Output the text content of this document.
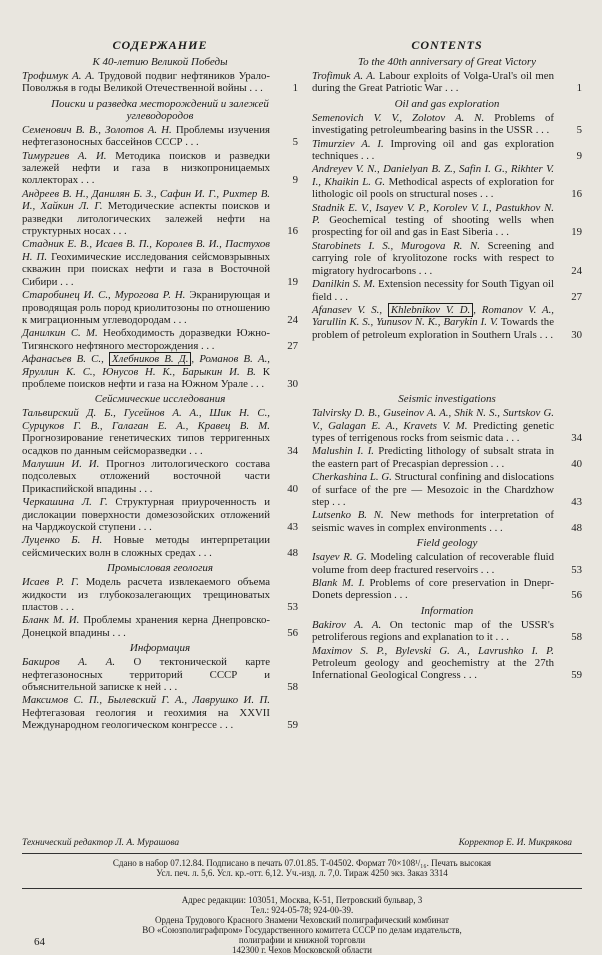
СОДЕРЖАНИЕ
К 40-летию Великой Победы
Трофимук А. А. Трудовой подвиг нефтяников Урало-Поволжья в годы Великой Отечественной войны . . .	1
Поиски и разведка месторождений и залежей углеводородов
Семенович В. В., Золотов А. Н. Проблемы изучения нефтегазоносных бассейнов СССР . . .	5
Тимургиев А. И. Методика поисков и разведки залежей нефти и газа в низкопроницаемых коллекторах . . .	9
Андреев В. Н., Данилян Б. З., Сафин И. Г., Рихтер В. И., Хайкин Л. Г. Методические аспекты поисков и разведки литологических залежей нефти на структурных носах . . .	16
Стадник Е. В., Исаев В. П., Королев В. И., Пастухов Н. П. Геохимические исследования сейсмовзрывных скважин при поисках нефти и газа в Восточной Сибири . . .	19
Старобинец И. С., Мурогова Р. Н. Экранирующая и проводящая роль пород криолитозоны по отношению к миграционным углеводородам . . .	24
Данилкин С. М. Необходимость доразведки Южно-Тигянского нефтяного месторождения . . .	27
Афанасьев В. С., Хлебников В. Д. , Романов В. А., Яруллин К. С., Юнусов Н. К., Барыкин И. В. К проблеме поисков нефти и газа на Южном Урале . . .	30
Сейсмические исследования
Тальвирский Д. Б., Гусейнов А. А., Шик Н. С., Сурцуков Г. В., Галаган Е. А., Кравец В. М. Прогнозирование генетических типов терригенных осадков по данным сейсморазведки . . .	34
Малушин И. И. Прогноз литологического состава подсолевых отложений восточной части Прикаспийской впадины . . .	40
Черкашина Л. Г. Структурная приуроченность и дислокации поверхности домезозойских отложений на Чарджоуской ступени . . .	43
Луценко Б. Н. Новые методы интерпретации сейсмических волн в сложных средах . . .	48
Промысловая геология
Исаев Р. Г. Модель расчета извлекаемого объема жидкости из глубокозалегающих трещиноватых пластов . . .	53
Бланк М. И. Проблемы хранения керна Днепровско-Донецкой впадины . . .	56
Информация
Бакиров А. А. О тектонической карте нефтегазоносных территорий СССР и объяснительной записке к ней . . .	58
Максимов С. П., Былевский Г. А., Лаврушко И. П. Нефтегазовая геология и геохимия на XXVII Международном геологическом конгрессе . . .	59
CONTENTS
To the 40th anniversary of Great Victory
Trofimuk A. A. Labour exploits of Volga-Ural's oil men during the Great Patriotic War . . .	1
Oil and gas exploration
Semenovich V. V., Zolotov A. N. Problems of investigating petroleumbearing basins in the USSR . . .	5
Timurziev A. I. Improving oil and gas exploration techniques . . .	9
Andreyev V. N., Danielyan B. Z., Safin I. G., Rikhter V. I., Khaikin L. G. Methodical aspects of exploration for lithologic oil pools on structural noses . . .	16
Stadnik E. V., Isayev V. P., Korolev V. I., Pastukhov N. P. Geochemical testing of shooting wells when prospecting for oil and gas in East Siberia . . .	19
Starobinets I. S., Murogova R. N. Screening and carrying role of kryolitozone rocks with respect to migratory hydrocarbons . . .	24
Danilkin S. M. Extension necessity for South Tigyan oil field . . .	27
Afanasev V. S., Khlebnikov V. D. , Romanov V. A., Yarullin K. S., Yunusov N. K., Barykin I. V. Towards the problem of petroleum exploration in Southern Urals . . .	30
Seismic investigations
Talvirsky D. B., Guseinov A. A., Shik N. S., Surtskov G. V., Galagan E. A., Kravets V. M. Predicting genetic types of terrigenous rocks from seismic data . . .	34
Malushin I. I. Predicting lithology of subsalt strata in the eastern part of Precaspian depression . . .	40
Cherkashina L. G. Structural confining and dislocations of surface of the pre — Mesozoic in the Chardzhow step . . .	43
Lutsenko B. N. New methods for interpretation of seismic waves in complex environments . . .	48
Field geology
Isayev R. G. Modeling calculation of recoverable fluid volume from deep fractured reservoirs . . .	53
Blank M. I. Problems of core preservation in Dnepr-Donets depression . . .	56
Information
Bakirov A. A. On tectonic map of the USSR's petroliferous regions and explanation to it . . .	58
Maximov S. P., Bylevski G. A., Lavrushko I. P. Petroleum geology and geochemistry at the 27th Infernational Geological Congress . . .	59
Технический редактор Л. А. Мурашова	Корректор Е. И. Микрякова
Сдано в набор 07.12.84. Подписано в печать 07.01.85. Т-04502. Формат 70×108¹/₁₆. Печать высокая
Усл. печ. л. 5,6. Усл. кр.-отт. 6,12. Уч.-изд. л. 7,0. Тираж 4250 экз. Заказ 3314
Адрес редакции: 103051, Москва, К-51, Петровский бульвар, 3
Тел.: 924-05-78; 924-00-39.
Ордена Трудового Красного Знамени Чеховский полиграфический комбинат
ВО «Союзполиграфпром» Государственного комитета СССР по делам издательств,
полиграфии и книжной торговли
142300 г. Чехов Московской области
64
